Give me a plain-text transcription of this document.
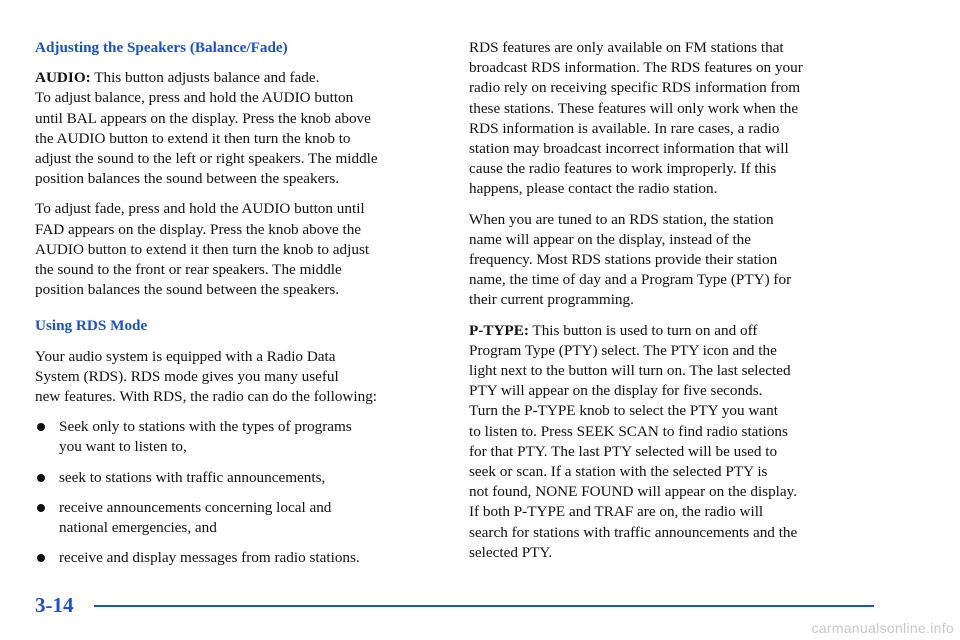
Adjusting the Speakers (Balance/Fade)

AUDIO: This button adjusts balance and fade.
To adjust balance, press and hold the AUDIO button
until BAL appears on the display. Press the knob above
the AUDIO button to extend it then turn the knob to
adjust the sound to the left or right speakers. The middle
position balances the sound between the speakers.

To adjust fade, press and hold the AUDIO button until
FAD appears on the display. Press the knob above the
AUDIO button to extend it then turn the knob to adjust
the sound to the front or rear speakers. The middle
position balances the sound between the speakers.

Using RDS Mode

Your audio system is equipped with a Radio Data
System (RDS). RDS mode gives you many useful
new features. With RDS, the radio can do the following:

Seek only to stations with the types of programs
you want to listen to,
seek to stations with traffic announcements,
receive announcements concerning local and
national emergencies, and
receive and display messages from radio stations.

RDS features are only available on FM stations that
broadcast RDS information. The RDS features on your
radio rely on receiving specific RDS information from
these stations. These features will only work when the
RDS information is available. In rare cases, a radio
station may broadcast incorrect information that will
cause the radio features to work improperly. If this
happens, please contact the radio station.

When you are tuned to an RDS station, the station
name will appear on the display, instead of the
frequency. Most RDS stations provide their station
name, the time of day and a Program Type (PTY) for
their current programming.

P-TYPE: This button is used to turn on and off
Program Type (PTY) select. The PTY icon and the
light next to the button will turn on. The last selected
PTY will appear on the display for five seconds.
Turn the P-TYPE knob to select the PTY you want
to listen to. Press SEEK SCAN to find radio stations
for that PTY. The last PTY selected will be used to
seek or scan. If a station with the selected PTY is
not found, NONE FOUND will appear on the display.
If both P-TYPE and TRAF are on, the radio will
search for stations with traffic announcements and the
selected PTY.

3-14
carmanualsonline.info
